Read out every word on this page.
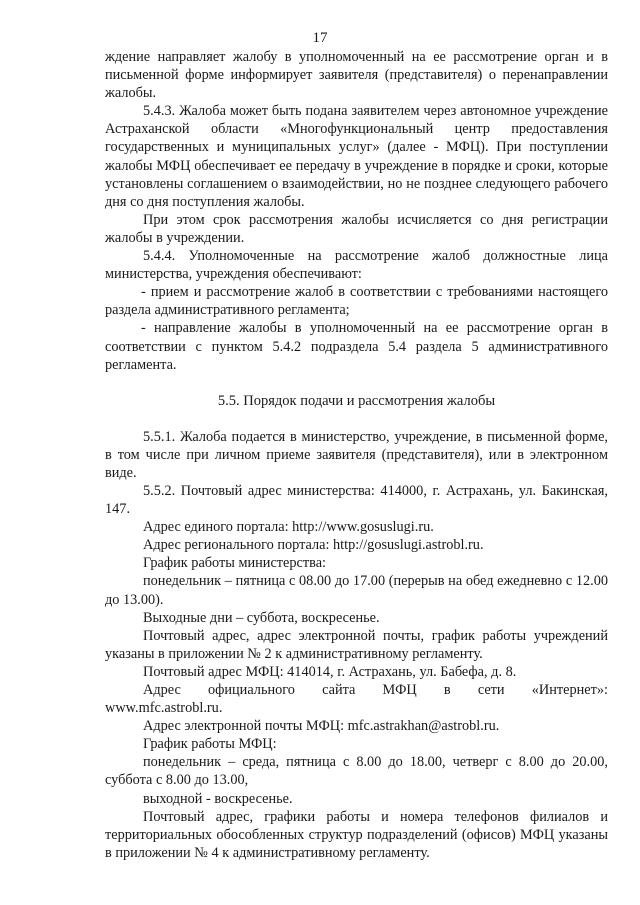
17

ждение направляет жалобу в уполномоченный на ее рассмотрение орган и в письменной форме информирует заявителя (представителя) о перенаправлении жалобы.

5.4.3. Жалоба может быть подана заявителем через автономное учреждение Астраханской области «Многофункциональный центр предоставления государственных и муниципальных услуг» (далее - МФЦ). При поступлении жалобы МФЦ обеспечивает ее передачу в учреждение в порядке и сроки, которые установлены соглашением о взаимодействии, но не позднее следующего рабочего дня со дня поступления жалобы.

При этом срок рассмотрения жалобы исчисляется со дня регистрации жалобы в учреждении.

5.4.4. Уполномоченные на рассмотрение жалоб должностные лица министерства, учреждения обеспечивают:

- прием и рассмотрение жалоб в соответствии с требованиями настоящего раздела административного регламента;

- направление жалобы в уполномоченный на ее рассмотрение орган в соответствии с пунктом 5.4.2 подраздела 5.4 раздела 5 административного регламента.

5.5. Порядок подачи и рассмотрения жалобы

5.5.1. Жалоба подается в министерство, учреждение, в письменной форме, в том числе при личном приеме заявителя (представителя), или в электронном виде.

5.5.2. Почтовый адрес министерства: 414000, г. Астрахань, ул. Бакинская, 147.

Адрес единого портала: http://www.gosuslugi.ru.

Адрес регионального портала: http://gosuslugi.astrobl.ru.

График работы министерства:

понедельник – пятница с 08.00 до 17.00 (перерыв на обед ежедневно с 12.00 до 13.00).

Выходные дни – суббота, воскресенье.

Почтовый адрес, адрес электронной почты, график работы учреждений указаны в приложении № 2 к административному регламенту.

Почтовый адрес МФЦ: 414014, г. Астрахань, ул. Бабефа, д. 8.

Адрес официального сайта МФЦ в сети «Интернет»:

www.mfc.astrobl.ru.

Адрес электронной почты МФЦ: mfc.astrakhan@astrobl.ru.

График работы МФЦ:

понедельник – среда, пятница с 8.00 до 18.00, четверг с 8.00 до 20.00, суббота с 8.00 до 13.00,

выходной - воскресенье.

Почтовый адрес, графики работы и номера телефонов филиалов и территориальных обособленных структур подразделений (офисов) МФЦ указаны в приложении № 4 к административному регламенту.
